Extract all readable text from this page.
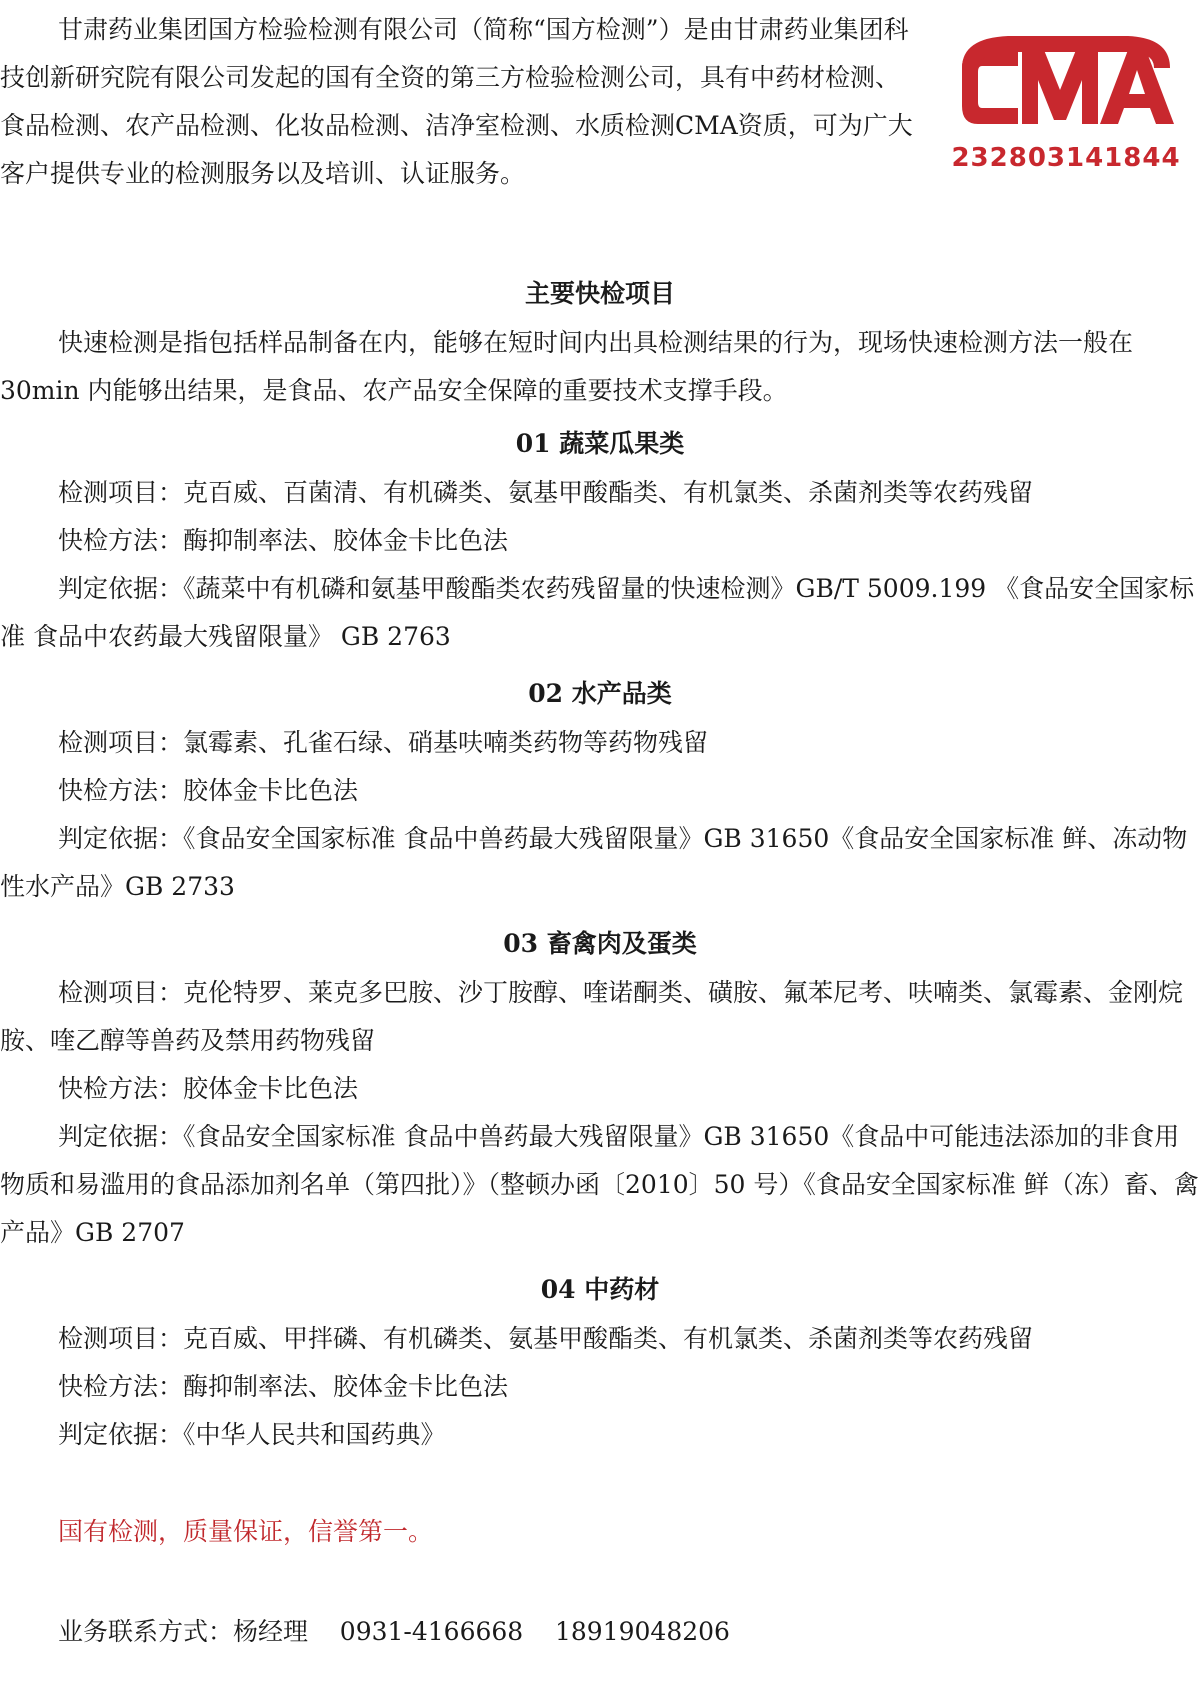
甘肃药业集团国方检验检测有限公司（简称“国方检测”）是由甘肃药业集团科技创新研究院有限公司发起的国有全资的第三方检验检测公司，具有中药材检测、食品检测、农产品检测、化妆品检测、洁净室检测、水质检测CMA资质，可为广大客户提供专业的检测服务以及培训、认证服务。

232803141844
主要快检项目

快速检测是指包括样品制备在内，能够在短时间内出具检测结果的行为，现场快速检测方法一般在 30min 内能够出结果，是食品、农产品安全保障的重要技术支撑手段。

01 蔬菜瓜果类

检测项目：克百威、百菌清、有机磷类、氨基甲酸酯类、有机氯类、杀菌剂类等农药残留

快检方法：酶抑制率法、胶体金卡比色法

判定依据：《蔬菜中有机磷和氨基甲酸酯类农药残留量的快速检测》GB/T 5009.199 《食品安全国家标准 食品中农药最大残留限量》 GB 2763

02 水产品类

检测项目：氯霉素、孔雀石绿、硝基呋喃类药物等药物残留

快检方法：胶体金卡比色法

判定依据：《食品安全国家标准 食品中兽药最大残留限量》GB 31650《食品安全国家标准 鲜、冻动物性水产品》GB 2733

03 畜禽肉及蛋类

检测项目：克伦特罗、莱克多巴胺、沙丁胺醇、喹诺酮类、磺胺、氟苯尼考、呋喃类、氯霉素、金刚烷胺、喹乙醇等兽药及禁用药物残留

快检方法：胶体金卡比色法

判定依据：《食品安全国家标准 食品中兽药最大残留限量》GB 31650《食品中可能违法添加的非食用物质和易滥用的食品添加剂名单（第四批）》（整顿办函〔2010〕50 号）《食品安全国家标准 鲜（冻）畜、禽产品》GB 2707

04 中药材

检测项目：克百威、甲拌磷、有机磷类、氨基甲酸酯类、有机氯类、杀菌剂类等农药残留

快检方法：酶抑制率法、胶体金卡比色法

判定依据：《中华人民共和国药典》

国有检测，质量保证，信誉第一。

业务联系方式：杨经理    0931-4166668    18919048206
